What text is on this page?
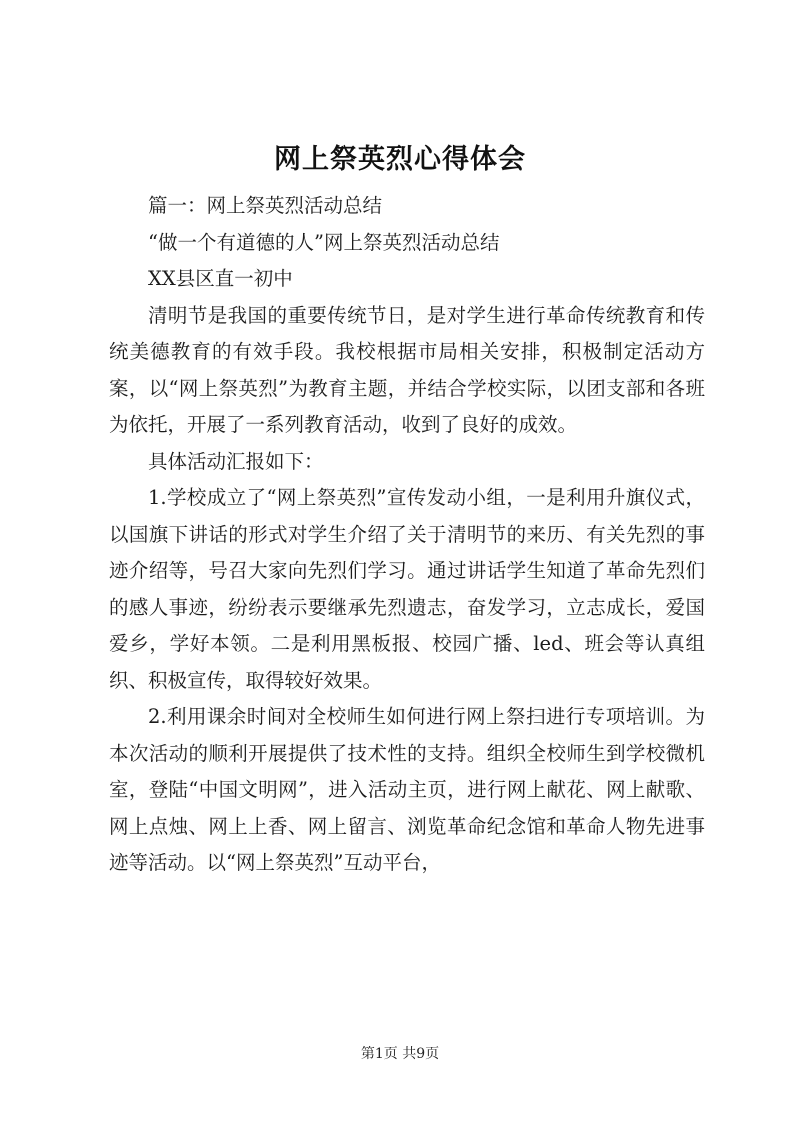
网上祭英烈心得体会

篇一：网上祭英烈活动总结

“做一个有道德的人”网上祭英烈活动总结

XX县区直一初中

清明节是我国的重要传统节日，是对学生进行革命传统教育和传统美德教育的有效手段。我校根据市局相关安排，积极制定活动方案，以“网上祭英烈”为教育主题，并结合学校实际，以团支部和各班为依托，开展了一系列教育活动，收到了良好的成效。

具体活动汇报如下：

1.学校成立了“网上祭英烈”宣传发动小组，一是利用升旗仪式，以国旗下讲话的形式对学生介绍了关于清明节的来历、有关先烈的事迹介绍等，号召大家向先烈们学习。通过讲话学生知道了革命先烈们的感人事迹，纷纷表示要继承先烈遗志，奋发学习，立志成长，爱国爱乡，学好本领。二是利用黑板报、校园广播、led、班会等认真组织、积极宣传，取得较好效果。

2.利用课余时间对全校师生如何进行网上祭扫进行专项培训。为本次活动的顺利开展提供了技术性的支持。组织全校师生到学校微机室，登陆“中国文明网”，进入活动主页，进行网上献花、网上献歌、网上点烛、网上上香、网上留言、浏览革命纪念馆和革命人物先进事迹等活动。以“网上祭英烈”互动平台，

第1页 共9页
